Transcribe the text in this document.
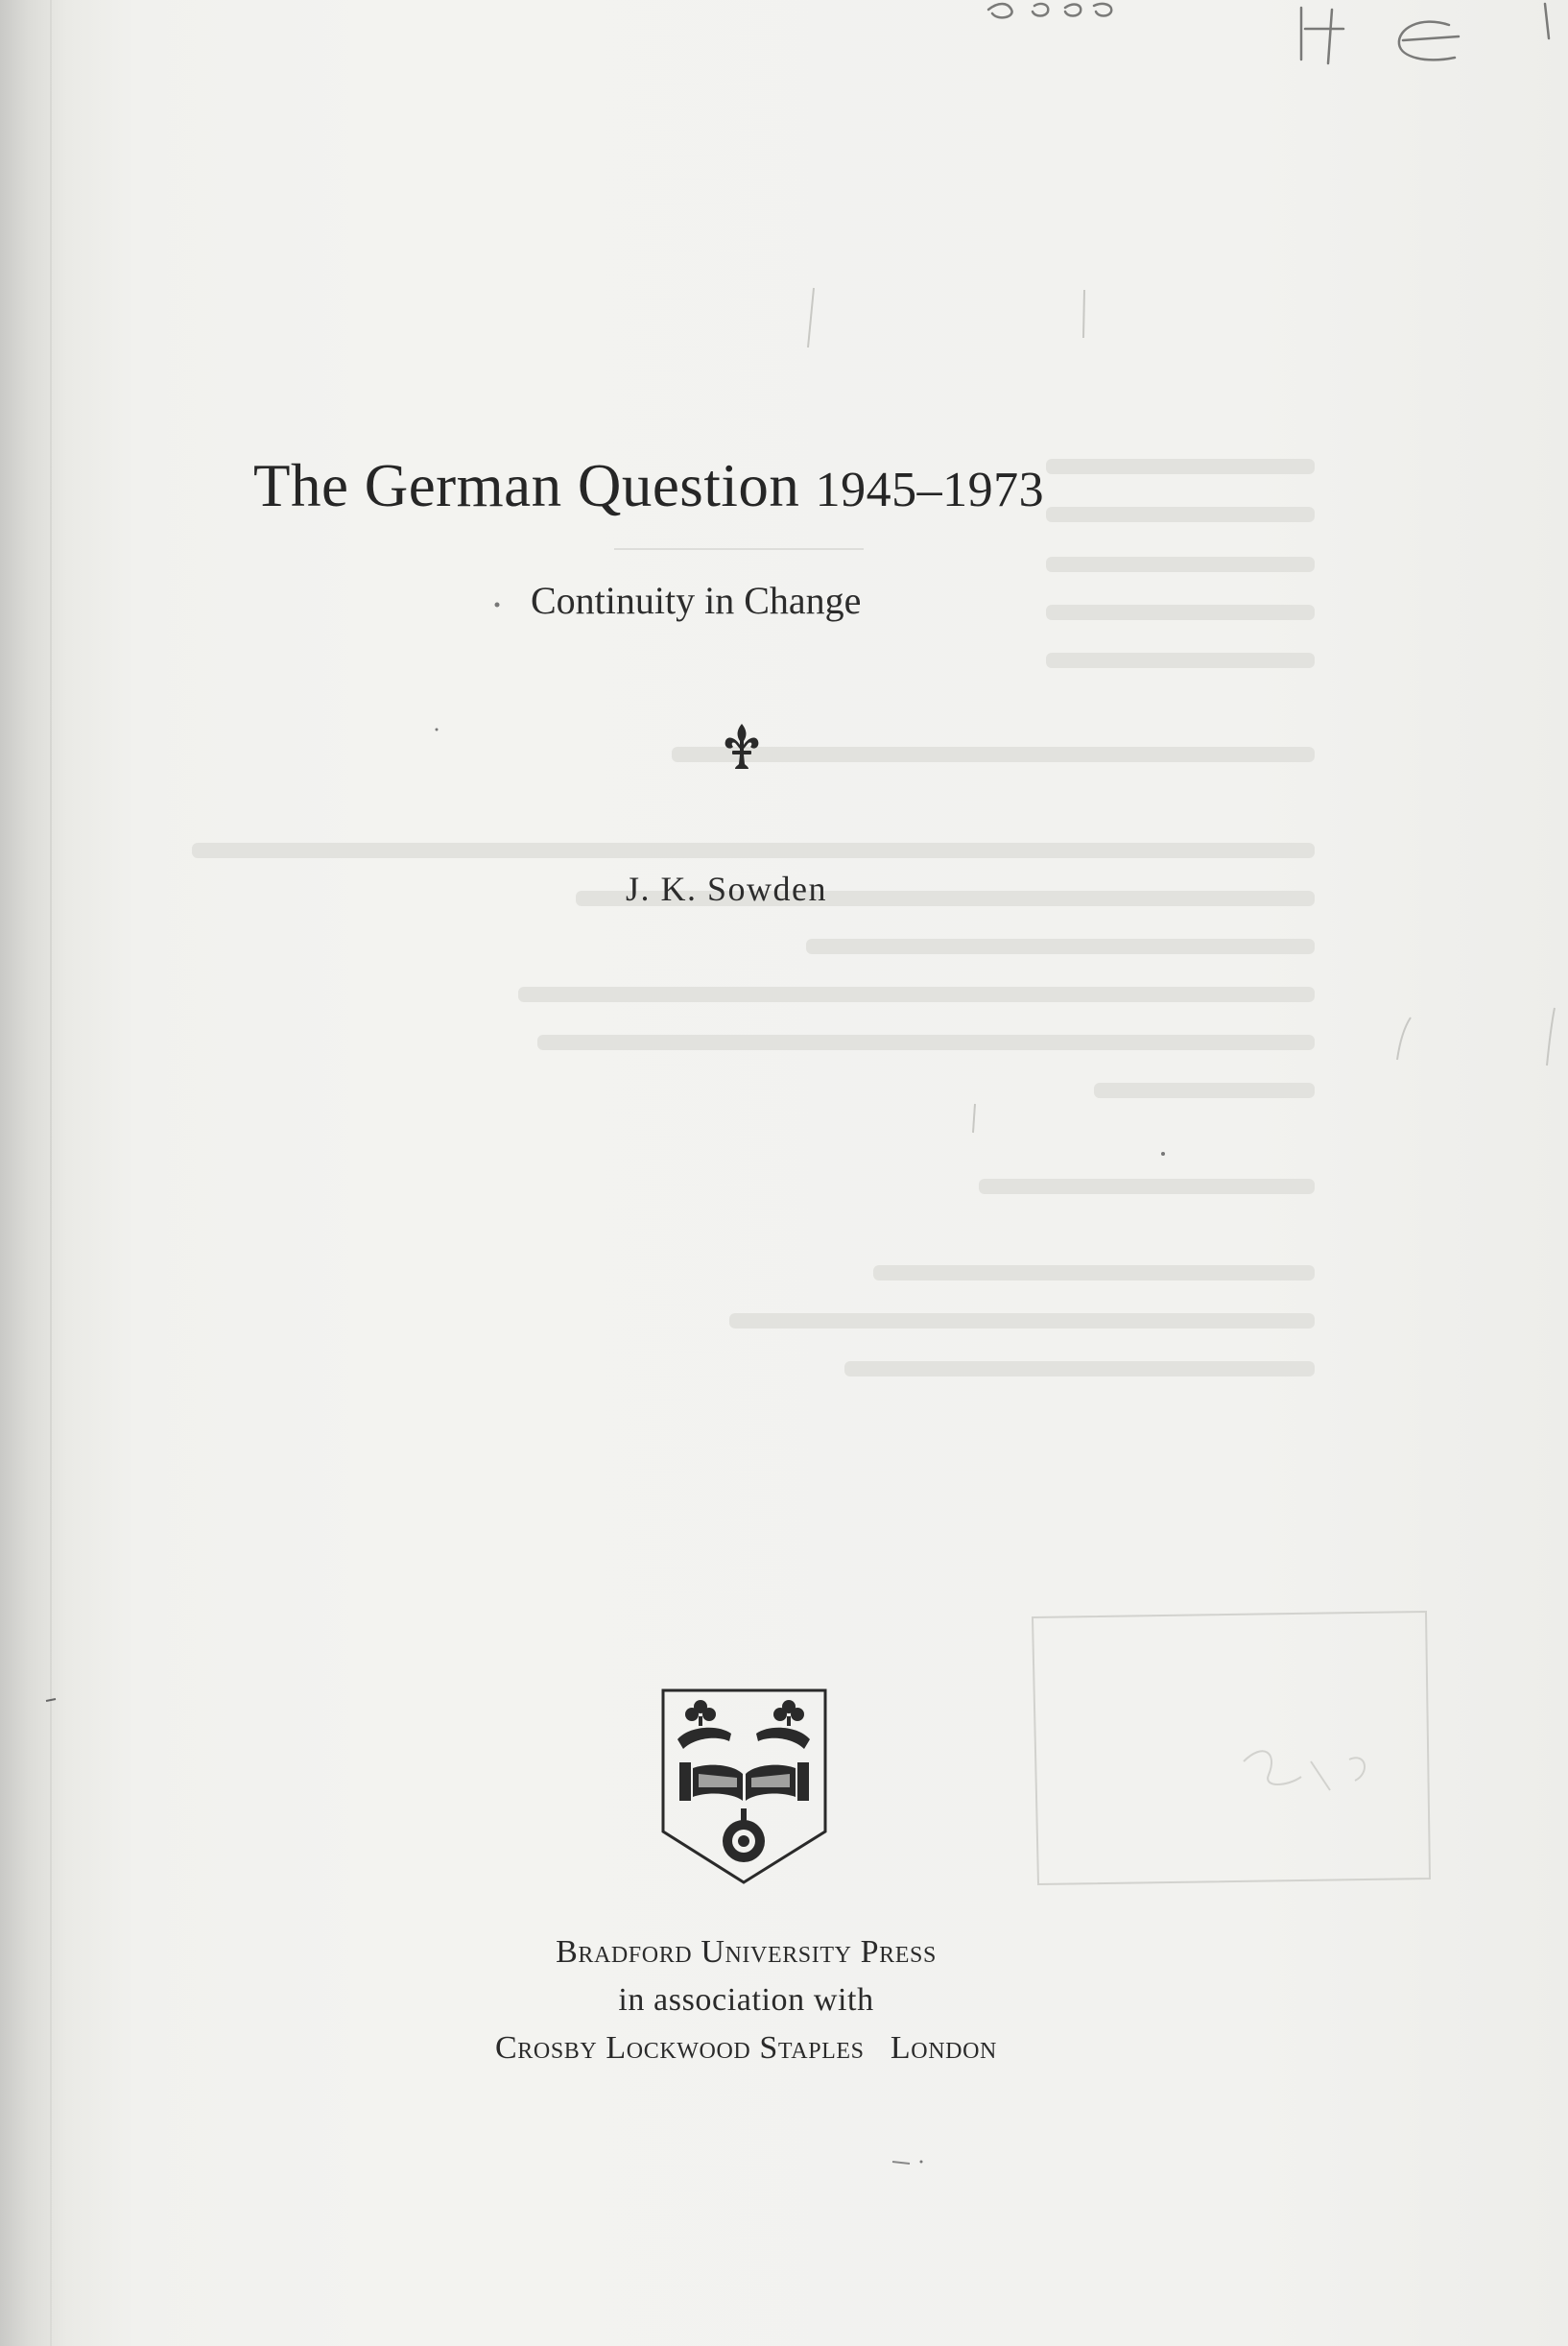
The German Question 1945–1973
Continuity in Change
J. K. Sowden
Bradford University Press
in association with
Crosby Lockwood Staples   London
